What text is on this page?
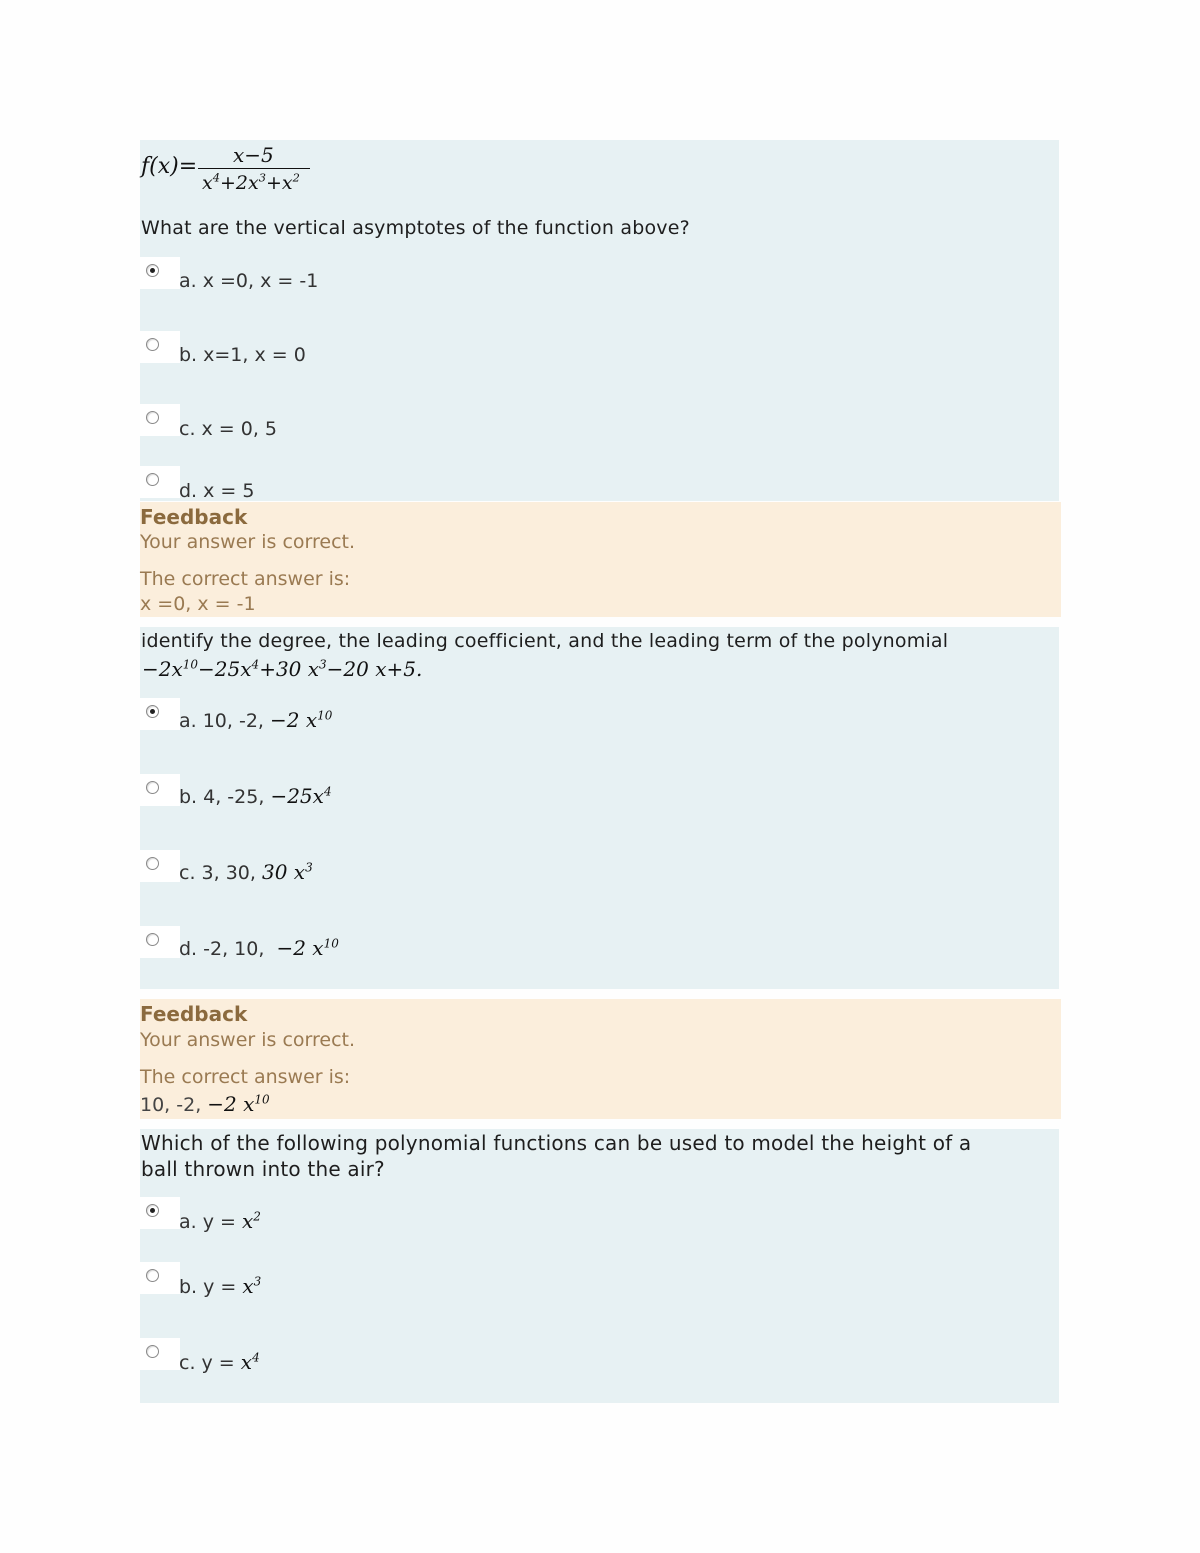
f(x)= x−5
$x^4+2x^3+x^2$
What are the vertical asymptotes of the function above?
a. x =0, x = -1
b. x=1, x = 0
c. x = 0, 5
d. x = 5
Feedback
Your answer is correct.
The correct answer is:
x =0, x = -1
identify the degree, the leading coefficient, and the leading term of the polynomial
$-2x^{10}-25x^4+30$ $x^3-20$ x+5.
a. 10, -2, −2 $x^{10}$
b. 4, -25, $-25x^4$
c. 3, 30, 30 $x^3$
d. -2, 10, −2 $x^{10}$
Feedback
Your answer is correct.
The correct answer is:
10, -2, −2 $x^{10}$
Which of the following polynomial functions can be used to model the height of a
ball thrown into the air?
a. $y = x^2$
b. $y = x^3$
c. $y = x^4$
